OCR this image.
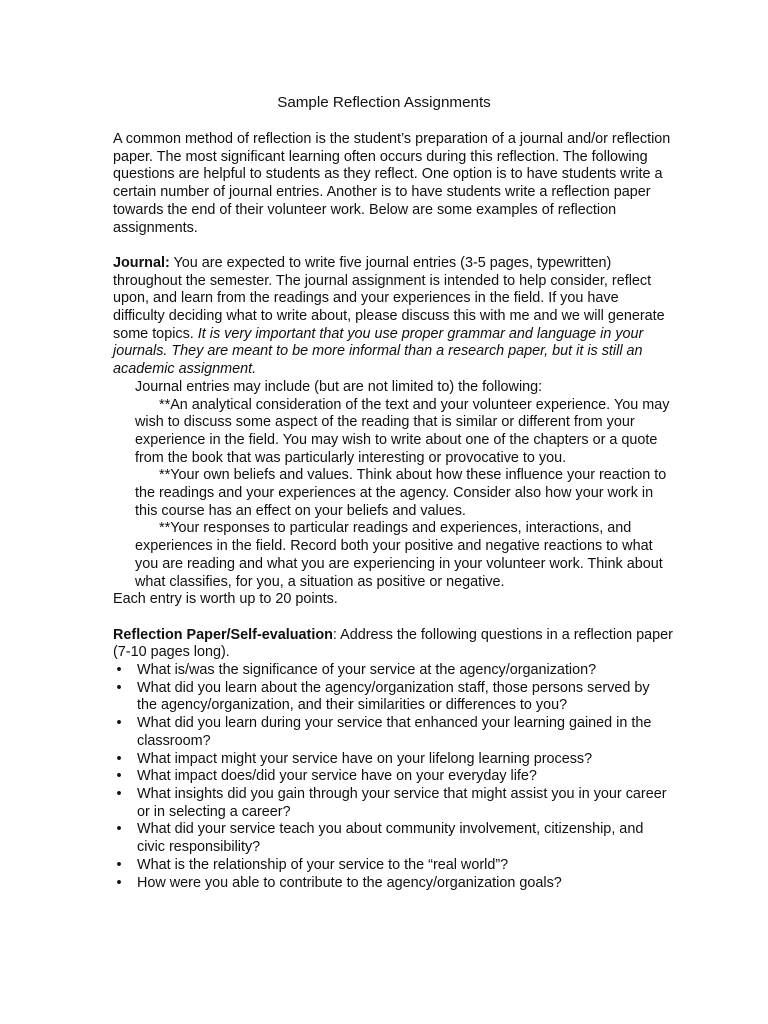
Sample Reflection Assignments

A common method of reflection is the student’s preparation of a journal and/or reflection paper. The most significant learning often occurs during this reflection. The following questions are helpful to students as they reflect. One option is to have students write a certain number of journal entries. Another is to have students write a reflection paper towards the end of their volunteer work. Below are some examples of reflection assignments.

Journal: You are expected to write five journal entries (3-5 pages, typewritten) throughout the semester. The journal assignment is intended to help consider, reflect upon, and learn from the readings and your experiences in the field. If you have difficulty deciding what to write about, please discuss this with me and we will generate some topics. It is very important that you use proper grammar and language in your journals. They are meant to be more informal than a research paper, but it is still an academic assignment.

Journal entries may include (but are not limited to) the following:

**An analytical consideration of the text and your volunteer experience. You may wish to discuss some aspect of the reading that is similar or different from your experience in the field. You may wish to write about one of the chapters or a quote from the book that was particularly interesting or provocative to you.

**Your own beliefs and values. Think about how these influence your reaction to the readings and your experiences at the agency. Consider also how your work in this course has an effect on your beliefs and values.

**Your responses to particular readings and experiences, interactions, and experiences in the field. Record both your positive and negative reactions to what you are reading and what you are experiencing in your volunteer work. Think about what classifies, for you, a situation as positive or negative.

Each entry is worth up to 20 points.

Reflection Paper/Self-evaluation: Address the following questions in a reflection paper (7-10 pages long).

• What is/was the significance of your service at the agency/organization?
• What did you learn about the agency/organization staff, those persons served by the agency/organization, and their similarities or differences to you?
• What did you learn during your service that enhanced your learning gained in the classroom?
• What impact might your service have on your lifelong learning process?
• What impact does/did your service have on your everyday life?
• What insights did you gain through your service that might assist you in your career or in selecting a career?
• What did your service teach you about community involvement, citizenship, and civic responsibility?
• What is the relationship of your service to the “real world”?
• How were you able to contribute to the agency/organization goals?
